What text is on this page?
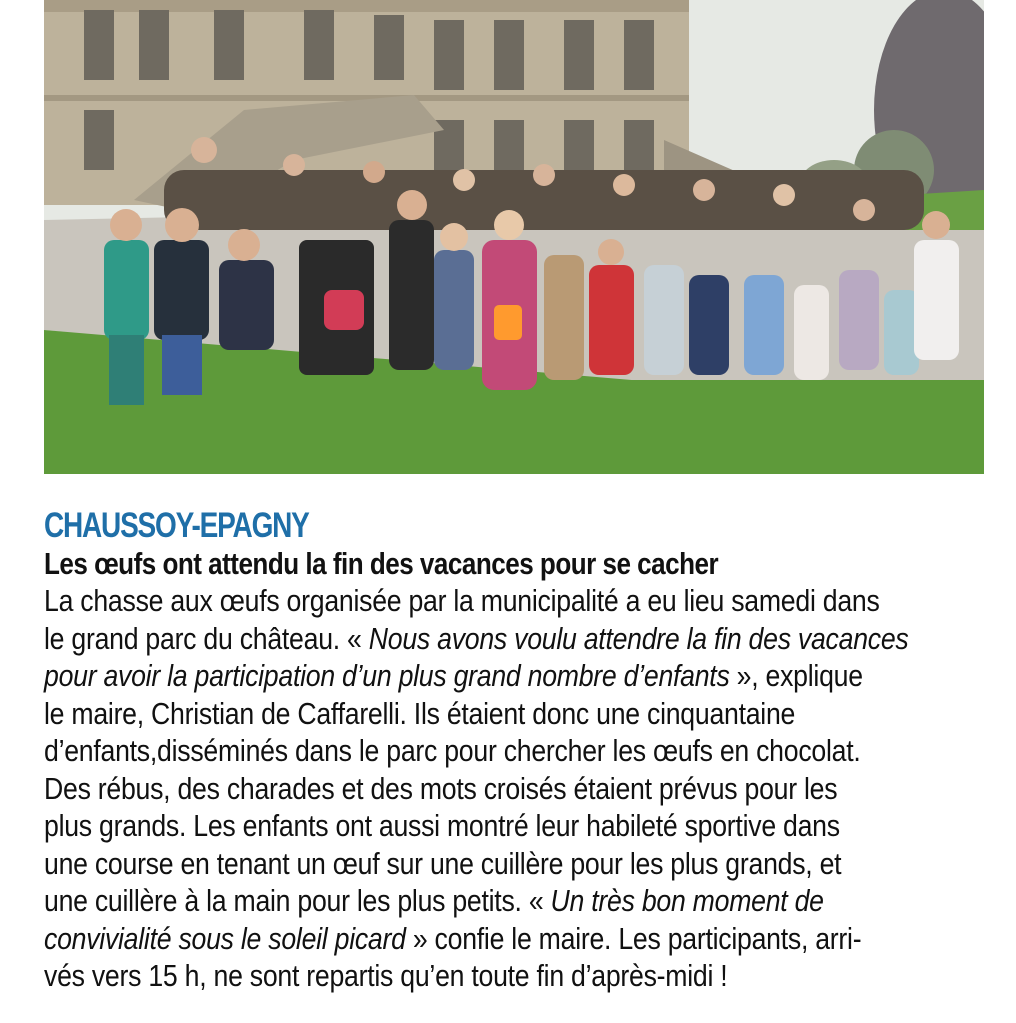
CHAUSSOY-EPAGNY
Les œufs ont attendu la fin des vacances pour se cacher

La chasse aux œufs organisée par la municipalité a eu lieu samedi dans
le grand parc du château. « Nous avons voulu attendre la fin des vacances
pour avoir la participation d’un plus grand nombre d’enfants », explique
le maire, Christian de Caffarelli. Ils étaient donc une cinquantaine
d’enfants,disséminés dans le parc pour chercher les œufs en chocolat.
Des rébus, des charades et des mots croisés étaient prévus pour les
plus grands. Les enfants ont aussi montré leur habileté sportive dans
une course en tenant un œuf sur une cuillère pour les plus grands, et
une cuillère à la main pour les plus petits. « Un très bon moment de
convivialité sous le soleil picard » confie le maire. Les participants, arri-
vés vers 15 h, ne sont repartis qu’en toute fin d’après-midi !
